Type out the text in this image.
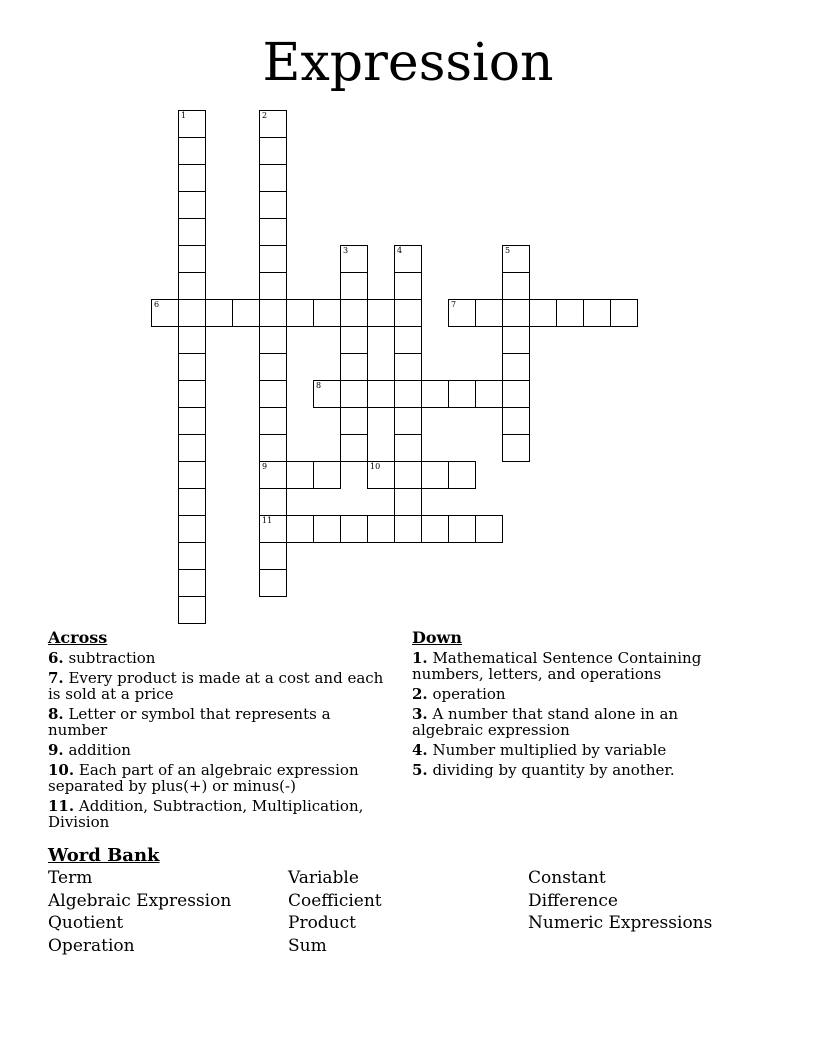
Expression
1	2
9
11
3	4	5
6	7
8
10
Across
6. subtraction
7. Every product is made at a cost and each is sold at a price
8. Letter or symbol that represents a number
9. addition
10. Each part of an algebraic expression separated by plus(+) or minus(-)
11. Addition, Subtraction, Multiplication, Division
Down
1. Mathematical Sentence Containing numbers, letters, and operations
2. operation
3. A number that stand alone in an algebraic expression
4. Number multiplied by variable
5. dividing by quantity by another.
Word Bank
Term	Variable	Constant
Algebraic Expression	Coefficient	Difference
Quotient	Product	Numeric Expressions
Operation	Sum
